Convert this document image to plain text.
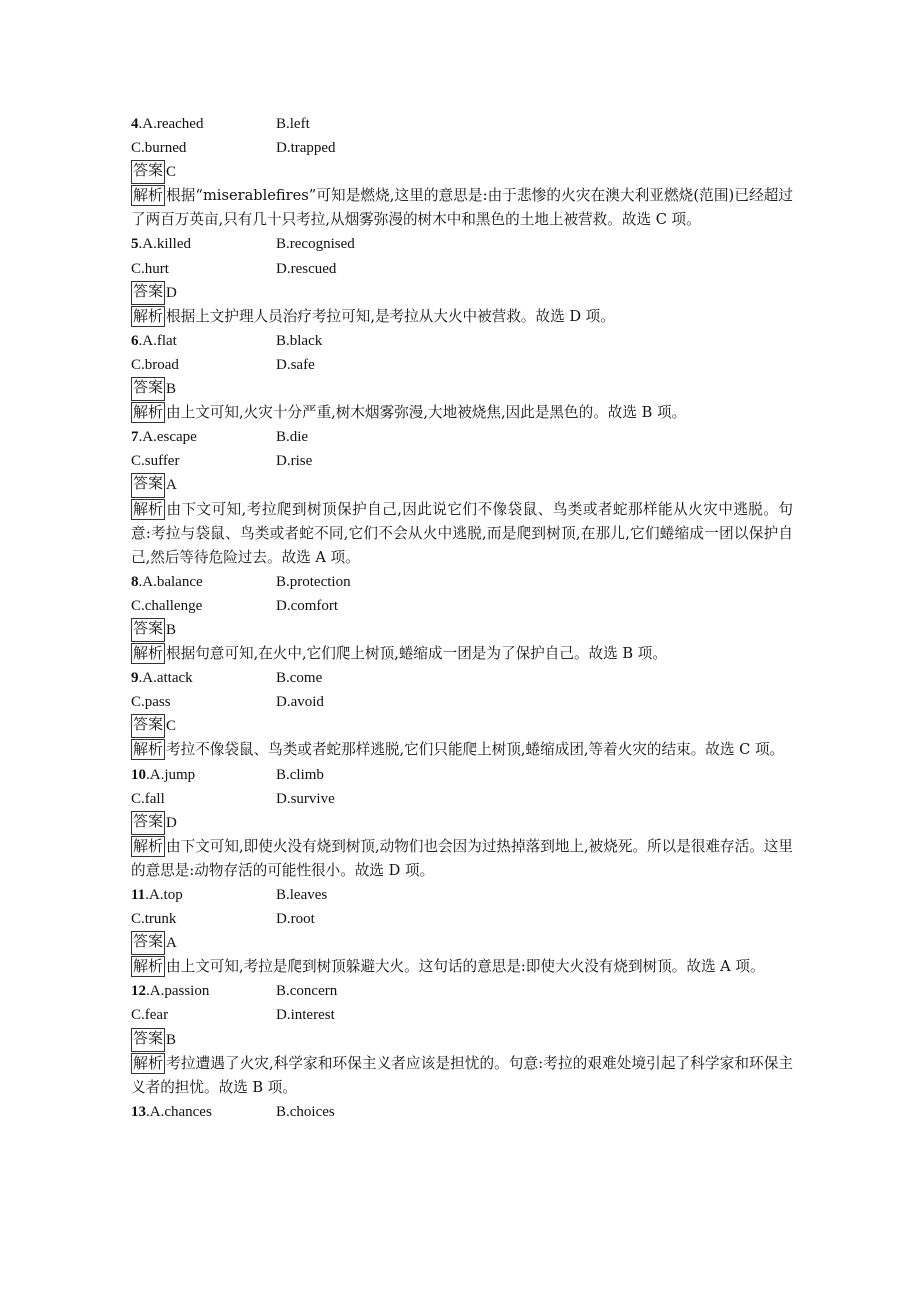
4.A.reached	B.left
C.burned	D.trapped
答案 C
解析 根据“miserablefires”可知是燃烧,这里的意思是:由于悲惨的火灾在澳大利亚燃烧(范围)已经超过了两百万英亩,只有几十只考拉,从烟雾弥漫的树木中和黑色的土地上被营救。故选 C 项。
5.A.killed	B.recognised
C.hurt	D.rescued
答案 D
解析 根据上文护理人员治疗考拉可知,是考拉从大火中被营救。故选 D 项。
6.A.flat	B.black
C.broad	D.safe
答案 B
解析 由上文可知,火灾十分严重,树木烟雾弥漫,大地被烧焦,因此是黑色的。故选 B 项。
7.A.escape	B.die
C.suffer	D.rise
答案 A
解析 由下文可知,考拉爬到树顶保护自己,因此说它们不像袋鼠、鸟类或者蛇那样能从火灾中逃脱。句意:考拉与袋鼠、鸟类或者蛇不同,它们不会从火中逃脱,而是爬到树顶,在那儿,它们蜷缩成一团以保护自己,然后等待危险过去。故选 A 项。
8.A.balance	B.protection
C.challenge	D.comfort
答案 B
解析 根据句意可知,在火中,它们爬上树顶,蜷缩成一团是为了保护自己。故选 B 项。
9.A.attack	B.come
C.pass	D.avoid
答案 C
解析 考拉不像袋鼠、鸟类或者蛇那样逃脱,它们只能爬上树顶,蜷缩成团,等着火灾的结束。故选 C 项。
10.A.jump	B.climb
C.fall	D.survive
答案 D
解析 由下文可知,即使火没有烧到树顶,动物们也会因为过热掉落到地上,被烧死。所以是很难存活。这里的意思是:动物存活的可能性很小。故选 D 项。
11.A.top	B.leaves
C.trunk	D.root
答案 A
解析 由上文可知,考拉是爬到树顶躲避大火。这句话的意思是:即使大火没有烧到树顶。故选 A 项。
12.A.passion	B.concern
C.fear	D.interest
答案 B
解析 考拉遭遇了火灾,科学家和环保主义者应该是担忧的。句意:考拉的艰难处境引起了科学家和环保主义者的担忧。故选 B 项。
13.A.chances	B.choices
